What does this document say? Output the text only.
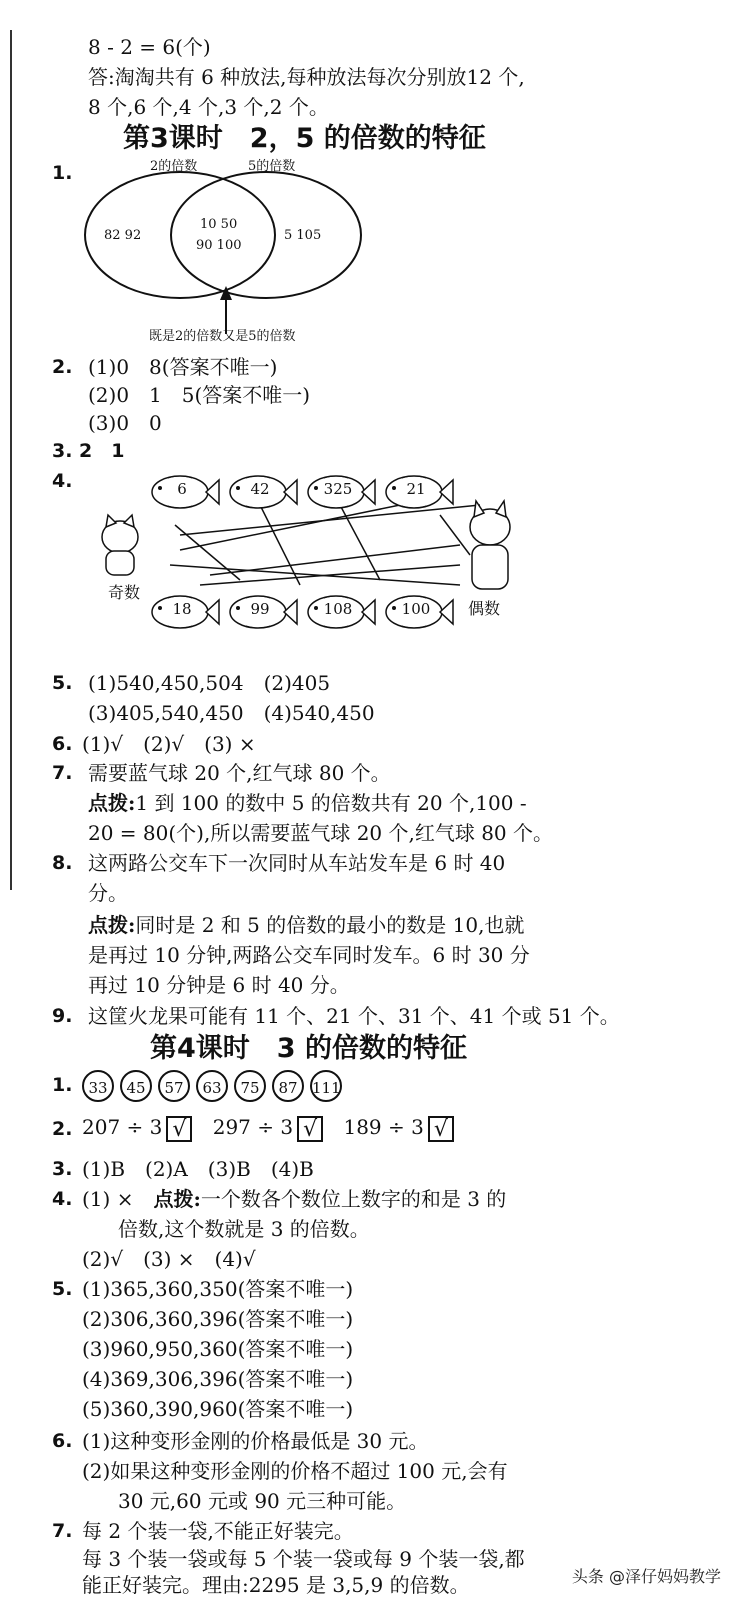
8 - 2 = 6(个)
答:淘淘共有 6 种放法,每种放法每次分别放12 个,
8 个,6 个,4 个,3 个,2 个。
第3课时　2，5 的倍数的特征
1.	2的倍数	5的倍数
82 92
10 50
90 100
5 105
既是2的倍数又是5的倍数
2. (1)0　8(答案不唯一)
(2)0　1　5(答案不唯一)
(3)0　0
3. 2　1
4.	6	42	325	21
18	99	108	100
奇数
偶数
5. (1)540,450,504　(2)405
(3)405,540,450　(4)540,450
6. (1)√　(2)√　(3) ×
7. 需要蓝气球 20 个,红气球 80 个。
点拨:1 到 100 的数中 5 的倍数共有 20 个,100 -
20 = 80(个),所以需要蓝气球 20 个,红气球 80 个。
8. 这两路公交车下一次同时从车站发车是 6 时 40
分。
点拨:同时是 2 和 5 的倍数的最小的数是 10,也就
是再过 10 分钟,两路公交车同时发车。6 时 30 分
再过 10 分钟是 6 时 40 分。
9. 这筐火龙果可能有 11 个、21 个、31 个、41 个或 51 个。
第4课时　3 的倍数的特征
1.	33 45 57 63 75 87 111
2. 207 ÷ 3 √ 297 ÷ 3 √ 189 ÷ 3 √
3. (1)B　(2)A　(3)B　(4)B
4. (1) ×　 点拨:一个数各个数位上数字的和是 3 的
倍数,这个数就是 3 的倍数。
(2)√　(3) ×　(4)√
5. (1)365,360,350(答案不唯一)
(2)306,360,396(答案不唯一)
(3)960,950,360(答案不唯一)
(4)369,306,396(答案不唯一)
(5)360,390,960(答案不唯一)
6. (1)这种变形金刚的价格最低是 30 元。
(2)如果这种变形金刚的价格不超过 100 元,会有
30 元,60 元或 90 元三种可能。
7. 每 2 个装一袋,不能正好装完。
每 3 个装一袋或每 5 个装一袋或每 9 个装一袋,都
能正好装完。理由:2295 是 3,5,9 的倍数。	头条 @泽仔妈妈教学
